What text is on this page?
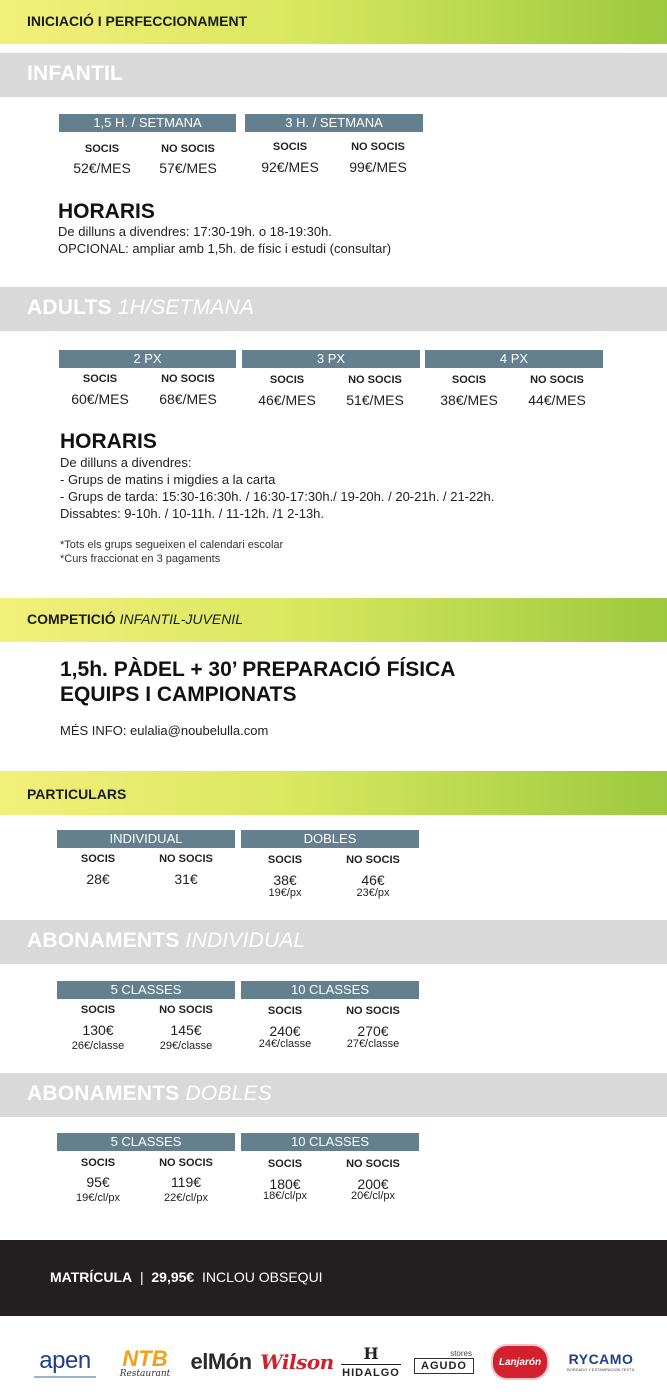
INICIACIÓ I PERFECCIONAMENT
INFANTIL
1,5 H. / SETMANA	3 H. / SETMANA
SOCIS	NO SOCIS
52€/MES	57€/MES
SOCIS	NO SOCIS
92€/MES	99€/MES
HORARIS
De dilluns a divendres: 17:30-19h. o 18-19:30h.
OPCIONAL: ampliar amb 1,5h. de físic i estudi (consultar)
ADULTS 1H/SETMANA
2 PX	3 PX	4 PX
SOCIS	NO SOCIS
60€/MES	68€/MES
SOCIS	NO SOCIS
46€/MES	51€/MES
SOCIS	NO SOCIS
38€/MES	44€/MES
HORARIS
De dilluns a divendres:
- Grups de matins i migdies a la carta
- Grups de tarda: 15:30-16:30h. / 16:30-17:30h./ 19-20h. / 20-21h. / 21-22h.
Dissabtes: 9-10h. / 10-11h. / 11-12h. /1 2-13h.
*Tots els grups segueixen el calendari escolar
*Curs fraccionat en 3 pagaments
COMPETICIÓ INFANTIL-JUVENIL
1,5h. PÀDEL + 30’ PREPARACIÓ FÍSICA
EQUIPS I CAMPIONATS
MÉS INFO: eulalia@noubelulla.com
PARTICULARS
INDIVIDUAL	DOBLES
SOCIS	NO SOCIS
28€	31€
SOCIS	NO SOCIS
38€	46€
19€/px	23€/px
ABONAMENTS INDIVIDUAL
5 CLASSES	10 CLASSES
SOCIS	NO SOCIS
130€	145€
26€/classe	29€/classe
SOCIS	NO SOCIS
240€	270€
24€/classe	27€/classe
ABONAMENTS DOBLES
5 CLASSES	10 CLASSES
SOCIS	NO SOCIS
95€	119€
19€/cl/px	22€/cl/px
SOCIS	NO SOCIS
180€	200€
18€/cl/px	20€/cl/px
MATRÍCULA | 29,95€ INCLOU OBSEQUI
apen NTB
Restaurant elMón Wilson H
HIDALGO
stores
AGUDO	Lanjarón RYCAMO
BORDADO Y ESTAMPACION TEXTIL
